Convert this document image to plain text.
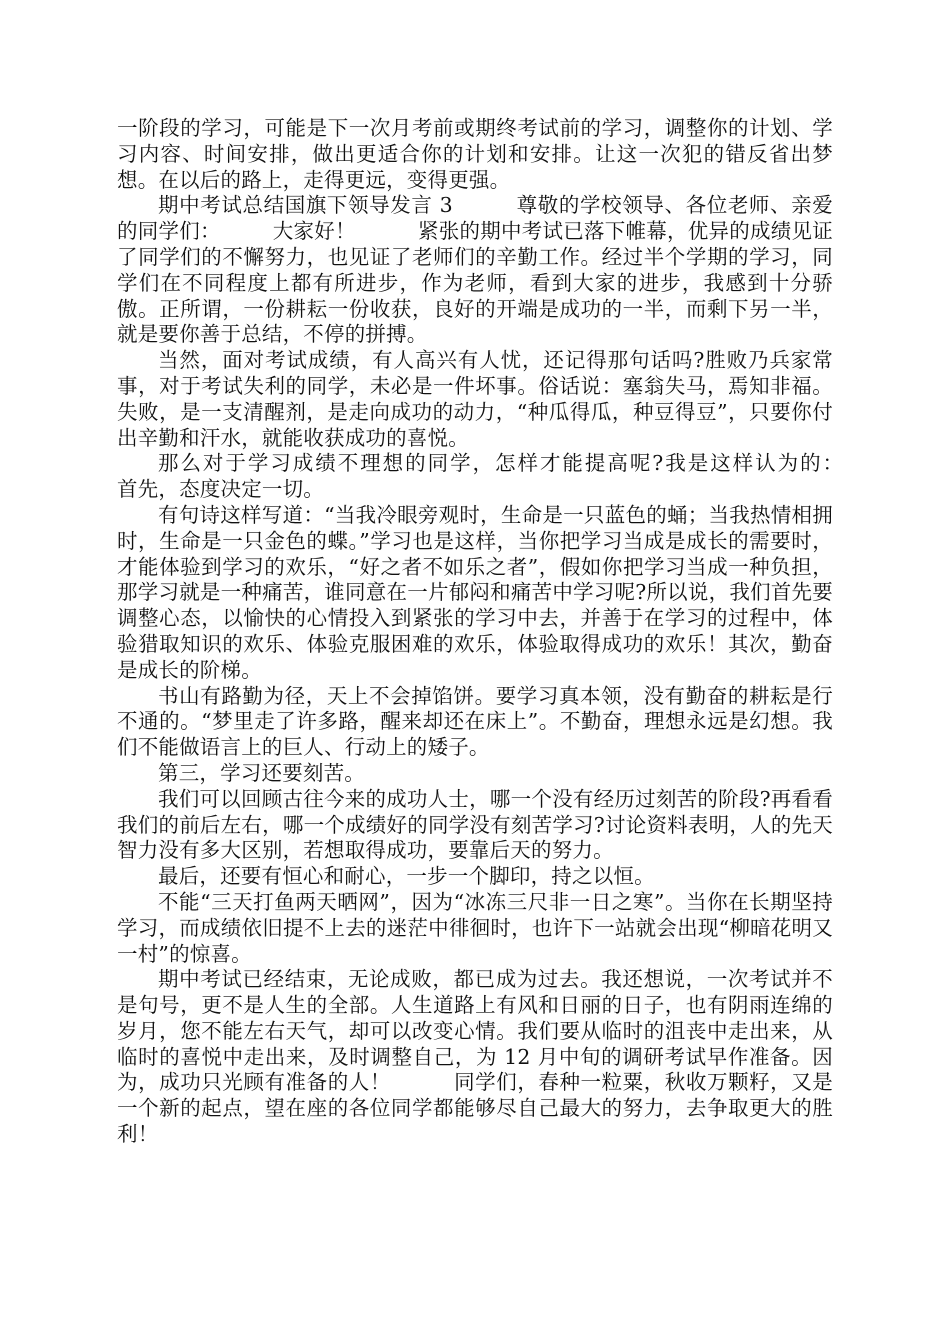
一阶段的学习，可能是下一次月考前或期终考试前的学习，调整你的计划、学习内容、时间安排，做出更适合你的计划和安排。让这一次犯的错反省出梦想。在以后的路上，走得更远，变得更强。

期中考试总结国旗下领导发言 3　　　尊敬的学校领导、各位老师、亲爱的同学们：　　　大家好！　　　紧张的期中考试已落下帷幕，优异的成绩见证了同学们的不懈努力，也见证了老师们的辛勤工作。经过半个学期的学习，同学们在不同程度上都有所进步，作为老师，看到大家的进步，我感到十分骄傲。正所谓，一份耕耘一份收获，良好的开端是成功的一半，而剩下另一半，就是要你善于总结，不停的拼搏。

当然，面对考试成绩，有人高兴有人忧，还记得那句话吗?胜败乃兵家常事，对于考试失利的同学，未必是一件坏事。俗话说：塞翁失马，焉知非福。失败，是一支清醒剂，是走向成功的动力，“种瓜得瓜，种豆得豆”，只要你付出辛勤和汗水，就能收获成功的喜悦。

那么对于学习成绩不理想的同学，怎样才能提高呢?我是这样认为的：　　　首先，态度决定一切。

有句诗这样写道：“当我冷眼旁观时，生命是一只蓝色的蛹；当我热情相拥时，生命是一只金色的蝶。”学习也是这样，当你把学习当成是成长的需要时，才能体验到学习的欢乐，“好之者不如乐之者”，假如你把学习当成一种负担，那学习就是一种痛苦，谁同意在一片郁闷和痛苦中学习呢?所以说，我们首先要调整心态，以愉快的心情投入到紧张的学习中去，并善于在学习的过程中，体验猎取知识的欢乐、体验克服困难的欢乐，体验取得成功的欢乐！其次，勤奋是成长的阶梯。

书山有路勤为径，天上不会掉馅饼。要学习真本领，没有勤奋的耕耘是行不通的。“梦里走了许多路，醒来却还在床上”。不勤奋，理想永远是幻想。我们不能做语言上的巨人、行动上的矮子。

第三，学习还要刻苦。

我们可以回顾古往今来的成功人士，哪一个没有经历过刻苦的阶段?再看看我们的前后左右，哪一个成绩好的同学没有刻苦学习?讨论资料表明，人的先天智力没有多大区别，若想取得成功，要靠后天的努力。

最后，还要有恒心和耐心，一步一个脚印，持之以恒。

不能“三天打鱼两天晒网”，因为“冰冻三尺非一日之寒”。当你在长期坚持学习，而成绩依旧提不上去的迷茫中徘徊时，也许下一站就会出现“柳暗花明又一村”的惊喜。

期中考试已经结束，无论成败，都已成为过去。我还想说，一次考试并不是句号，更不是人生的全部。人生道路上有风和日丽的日子，也有阴雨连绵的岁月，您不能左右天气，却可以改变心情。我们要从临时的沮丧中走出来，从临时的喜悦中走出来，及时调整自己，为 12 月中旬的调研考试早作准备。因为，成功只光顾有准备的人！　　　同学们，春种一粒粟，秋收万颗籽，又是一个新的起点，望在座的各位同学都能够尽自己最大的努力，去争取更大的胜利！
